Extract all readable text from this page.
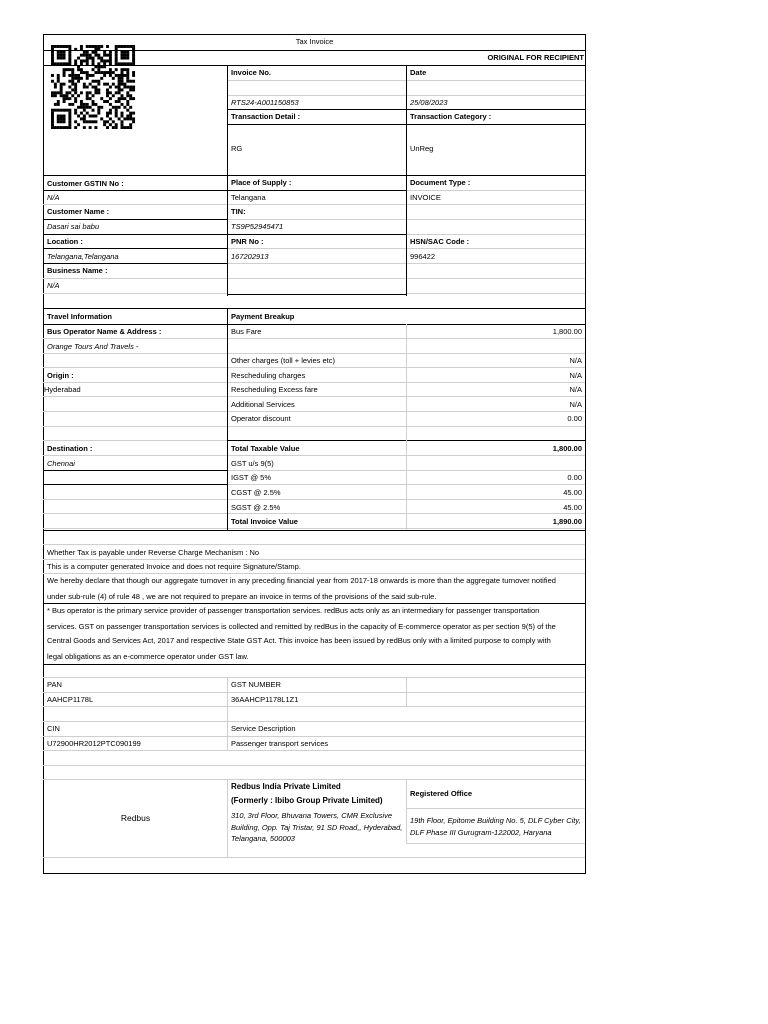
Tax Invoice
ORIGINAL FOR RECIPIENT
Invoice No.	Date
RTS24-A001150853	25/08/2023
Transaction Detail :	Transaction Category :
RG	UnReg
Customer GSTIN No :
N/A
Customer Name :
Dasari sai babu
Location :
Telangana,Telangana
Business Name :
N/A
Place of Supply :
Telangana
TIN:
TS9P52945471
PNR No :
167202913
Document Type :
INVOICE
HSN/SAC Code :
996422
Travel Information	Payment Breakup
Bus Operator Name & Address :
Orange Tours And Travels -
Origin :
Hyderabad
Destination :
Chennai
Bus Fare	1,800.00
Other charges (toll + levies etc)	N/A
Rescheduling charges	N/A
Rescheduling Excess fare	N/A
Additional Services	N/A
Operator discount	0.00
Total Taxable Value	1,800.00
GST u/s 9(5)
IGST @ 5%	0.00
CGST @ 2.5%	45.00
SGST @ 2.5%	45.00
Total Invoice Value	1,890.00
Whether Tax is payable under Reverse Charge Mechanism : No
This is a computer generated Invoice and does not require Signature/Stamp.
We hereby declare that though our aggregate turnover in any preceding financial year from 2017-18 onwards is more than the aggregate turnover notified
under sub-rule (4) of rule 48 , we are not required to prepare an invoice in terms of the provisions of the said sub-rule.
* Bus operator is the primary service provider of passenger transportation services. redBus acts only as an intermediary for passenger transportation
services. GST on passenger transportation services is collected and remitted by redBus in the capacity of E-commerce operator as per section 9(5) of the
Central Goods and Services Act, 2017 and respective State GST Act. This invoice has been issued by redBus only with a limited purpose to comply with
legal obligations as an e-commerce operator under GST law.
PAN	GST NUMBER
AAHCP1178L	36AAHCP1178L1Z1
CIN	Service Description
U72900HR2012PTC090199	Passenger transport services
Redbus
Redbus India Private Limited
(Formerly : Ibibo Group Private Limited)
310, 3rd Floor, Bhuvana Towers, CMR Exclusive Building, Opp. Taj Tristar, 91 SD Road,, Hyderabad, Telangana, 500003
Registered Office
19th Floor, Epitome Building No. 5, DLF Cyber City, DLF Phase III Gurugram-122002, Haryana
